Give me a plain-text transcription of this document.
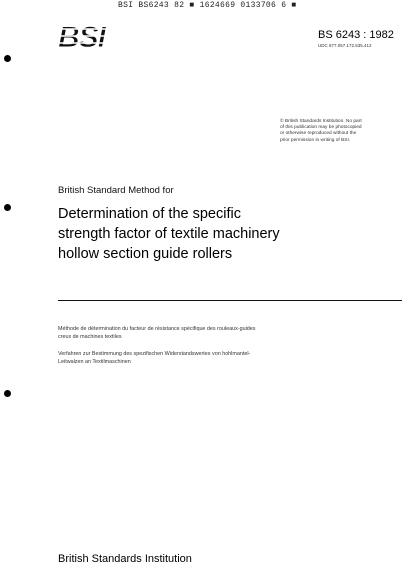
BSI BS6243 82 ■ 1624669 0133706 6 ■
BSI	BS 6243 : 1982
UDC 677.057.172.535.412
© British Standards Institution. No part
of this publication may be photocopied
or otherwise reproduced without the
prior permission in writing of BSI.
British Standard Method for
Determination of the specific
strength factor of textile machinery
hollow section guide rollers
Méthode de détermination du facteur de résistance spécifique des rouleaux-guides
creux de machines textiles
Verfahren zur Bestimmung des spezifischen Widerstandswertes von hohlmantel-
Leitwalzen an Textilmaschinen
British Standards Institution
